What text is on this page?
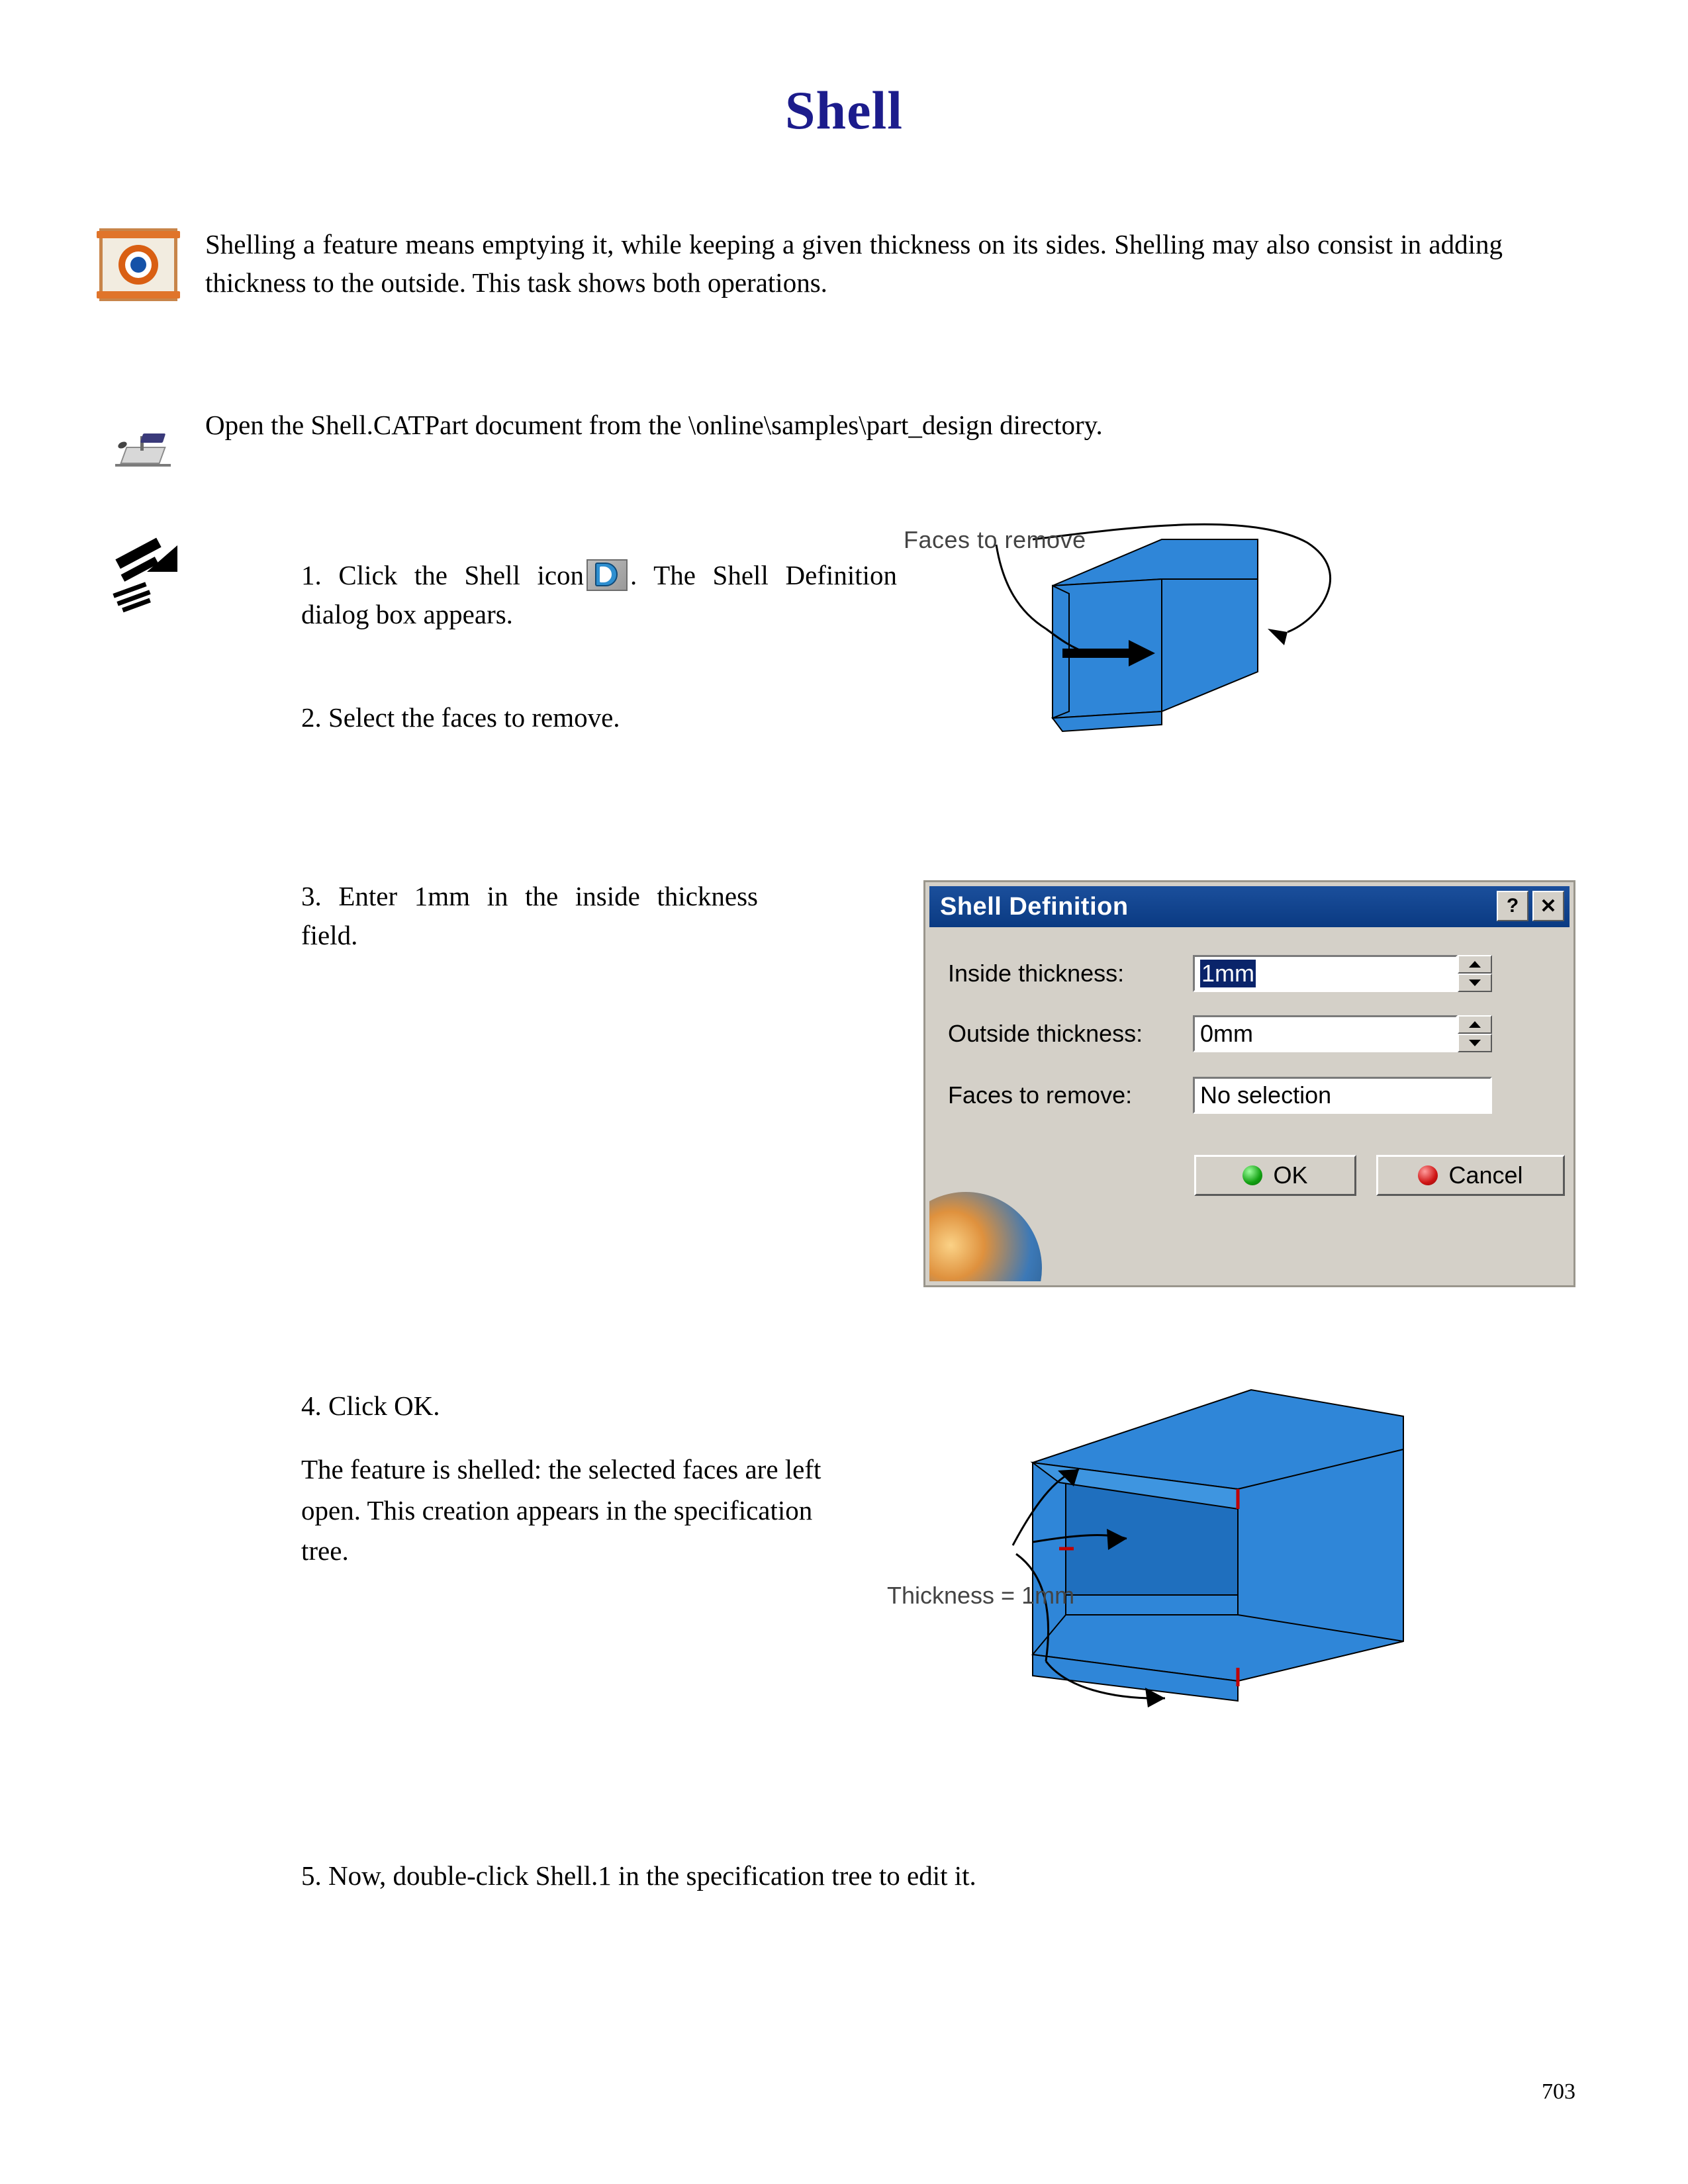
Shell
Shelling a feature means emptying it, while keeping a given thickness on its sides. Shelling may also consist in adding thickness to the outside. This task shows both operations.
Open the Shell.CATPart document from the \online\samples\part_design directory.
1. Click the Shell icon . The Shell Definition dialog box appears.
2. Select the faces to remove.
3. Enter 1mm in the inside thickness field.
Faces to remove
Shell Definition	?	✕
Inside thickness:	1mm
Outside thickness:	0mm
Faces to remove:	No selection
OK	Cancel
4. Click OK.
The feature is shelled: the selected faces are left open. This creation appears in the specification tree.
Thickness = 1mm
5. Now, double-click Shell.1 in the specification tree to edit it.
703
